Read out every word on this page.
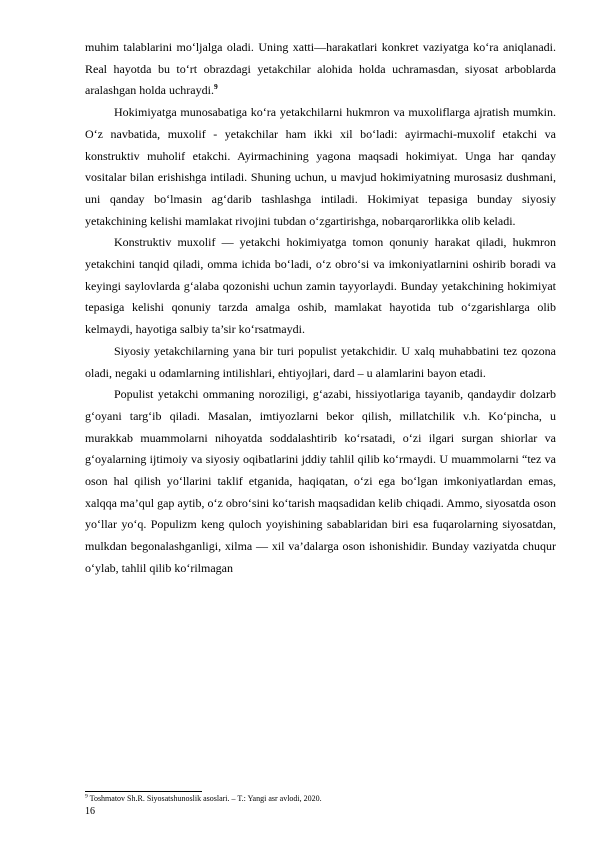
muhim talablarini mo‘ljalga oladi. Uning xatti—harakatlari konkret vaziyatga ko‘ra aniqlanadi. Real hayotda bu to‘rt obrazdagi yetakchilar alohida holda uchramasdan, siyosat arboblarda aralashgan holda uchraydi.$^9$

Hokimiyatga munosabatiga ko‘ra yetakchilarni hukmron va muxoliflarga ajratish mumkin. O‘z navbatida, muxolif - yetakchilar ham ikki xil bo‘ladi: ayirmachi-muxolif etakchi va konstruktiv muholif etakchi. Ayirmachining yagona maqsadi hokimiyat. Unga har qanday vositalar bilan erishishga intiladi. Shuning uchun, u mavjud hokimiyatning murosasiz dushmani, uni qanday bo‘lmasin ag‘darib tashlashga intiladi. Hokimiyat tepasiga bunday siyosiy yetakchining kelishi mamlakat rivojini tubdan o‘zgartirishga, nobarqarorlikka olib keladi.

Konstruktiv muxolif — yetakchi hokimiyatga tomon qonuniy harakat qiladi, hukmron yetakchini tanqid qiladi, omma ichida bo‘ladi, o‘z obro‘si va imkoniyatlarnini oshirib boradi va keyingi saylovlarda g‘alaba qozonishi uchun zamin tayyorlaydi. Bunday yetakchining hokimiyat tepasiga kelishi qonuniy tarzda amalga oshib, mamlakat hayotida tub o‘zgarishlarga olib kelmaydi, hayotiga salbiy ta’sir ko‘rsatmaydi.

Siyosiy yetakchilarning yana bir turi populist yetakchidir. U xalq muhabbatini tez qozona oladi, negaki u odamlarning intilishlari, ehtiyojlari, dard – u alamlarini bayon etadi.

Populist yetakchi ommaning noroziligi, g‘azabi, hissiyotlariga tayanib, qandaydir dolzarb g‘oyani targ‘ib qiladi. Masalan, imtiyozlarni bekor qilish, millatchilik v.h. Ko‘pincha, u murakkab muammolarni nihoyatda soddalashtirib ko‘rsatadi, o‘zi ilgari surgan shiorlar va g‘oyalarning ijtimoiy va siyosiy oqibatlarini jddiy tahlil qilib ko‘rmaydi. U muammolarni “tez va oson hal qilish yo‘llarini taklif etganida, haqiqatan, o‘zi ega bo‘lgan imkoniyatlardan emas, xalqqa ma’qul gap aytib, o‘z obro‘sini ko‘tarish maqsadidan kelib chiqadi. Ammo, siyosatda oson yo‘llar yo‘q. Populizm keng quloch yoyishining sabablaridan biri esa fuqarolarning siyosatdan, mulkdan begonalashganligi, xilma — xil va’dalarga oson ishonishidir. Bunday vaziyatda chuqur o‘ylab, tahlil qilib ko‘rilmagan

$^9$ Toshmatov Sh.R. Siyosatshunoslik asoslari. – T.: Yangi asr avlodi, 2020.
16
